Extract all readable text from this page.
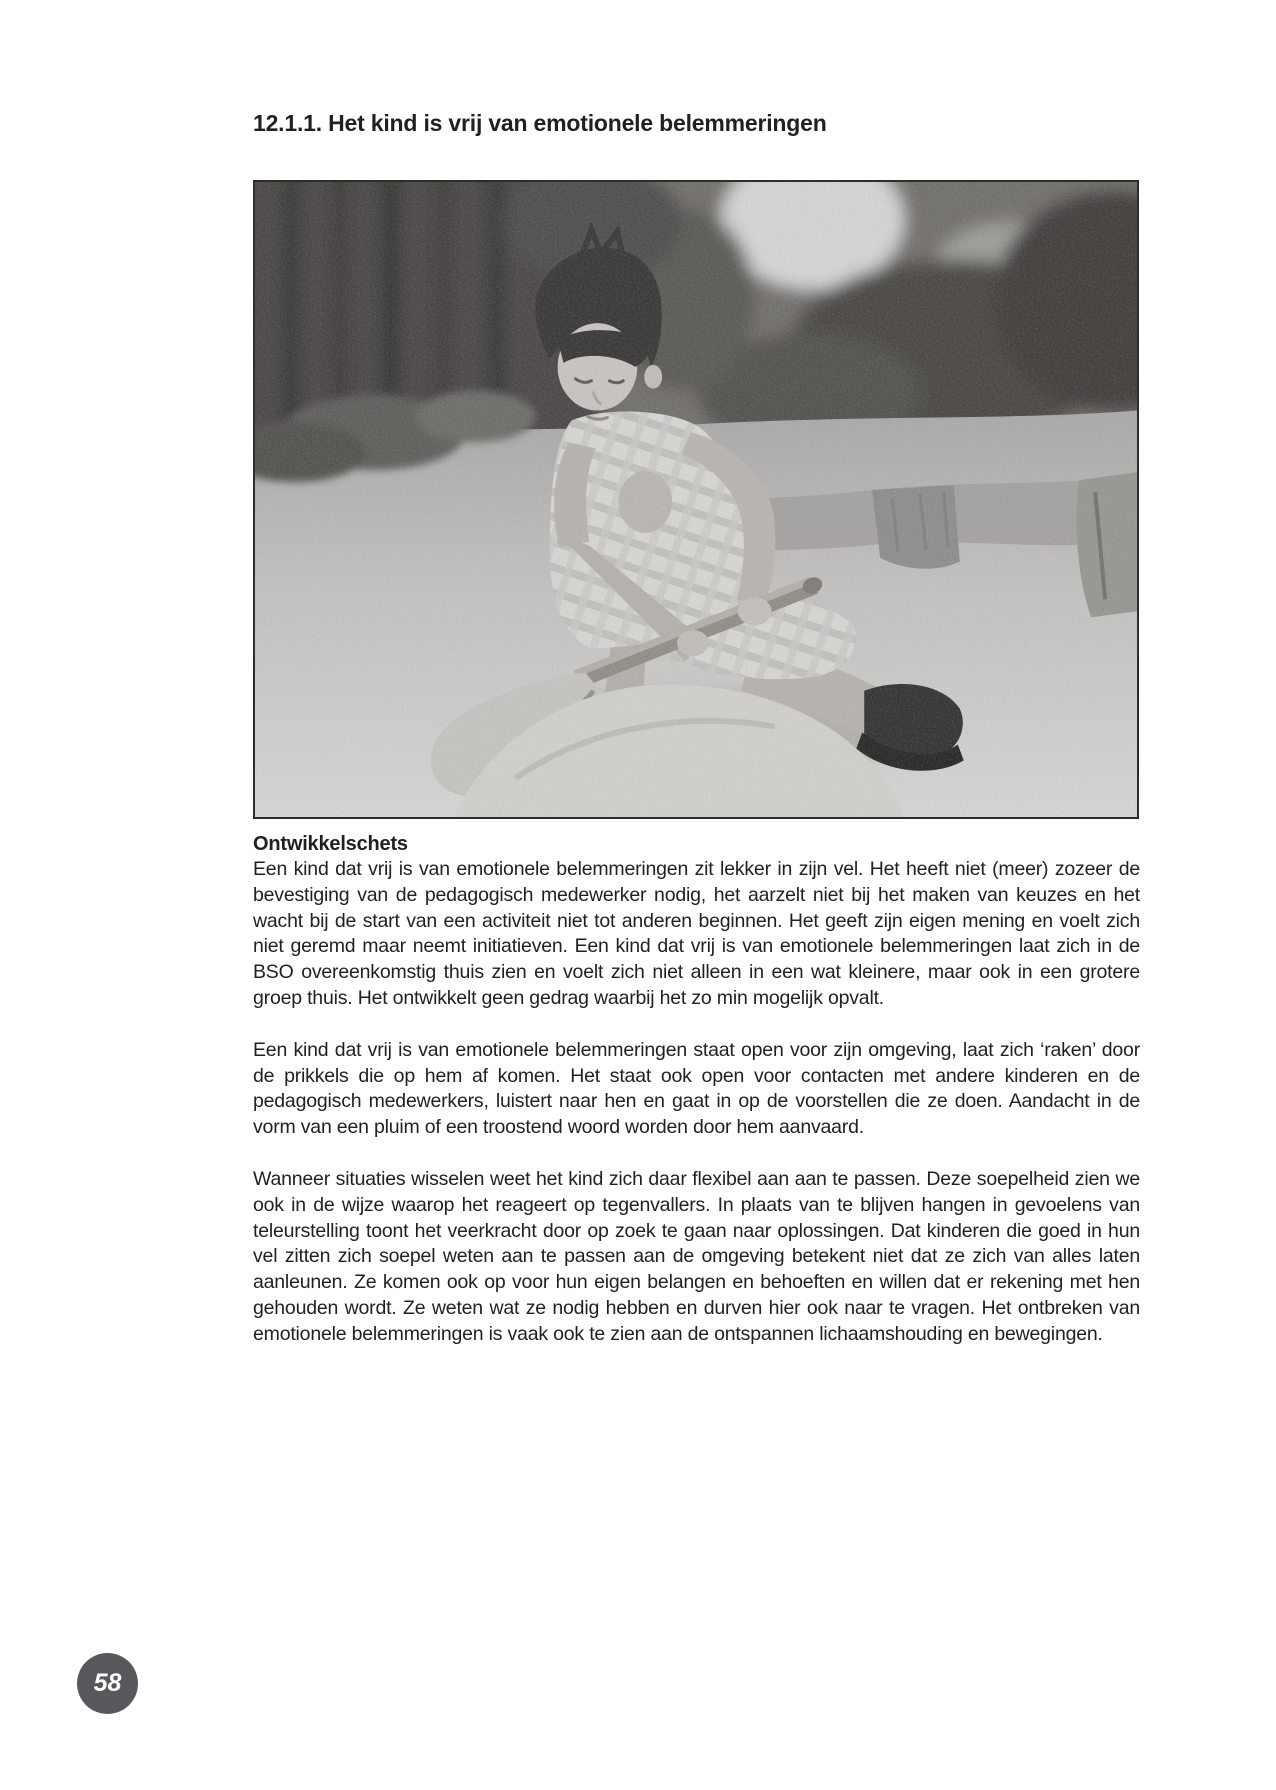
12.1.1. Het kind is vrij van emotionele belemmeringen
Ontwikkelschets

Een kind dat vrij is van emotionele belemmeringen zit lekker in zijn vel. Het heeft niet (meer) zozeer de bevestiging van de pedagogisch medewerker nodig, het aarzelt niet bij het maken van keuzes en het wacht bij de start van een activiteit niet tot anderen beginnen. Het geeft zijn eigen mening en voelt zich niet geremd maar neemt initiatieven. Een kind dat vrij is van emotionele belemmeringen laat zich in de BSO overeenkomstig thuis zien en voelt zich niet alleen in een wat kleinere, maar ook in een grotere groep thuis. Het ontwikkelt geen gedrag waarbij het zo min mogelijk opvalt.

Een kind dat vrij is van emotionele belemmeringen staat open voor zijn omgeving, laat zich ‘raken’ door de prikkels die op hem af komen. Het staat ook open voor contacten met andere kinderen en de pedagogisch medewerkers, luistert naar hen en gaat in op de voorstellen die ze doen. Aandacht in de vorm van een pluim of een troostend woord worden door hem aanvaard.

Wanneer situaties wisselen weet het kind zich daar flexibel aan aan te passen. Deze soepelheid zien we ook in de wijze waarop het reageert op tegenvallers. In plaats van te blijven hangen in gevoelens van teleurstelling toont het veerkracht door op zoek te gaan naar oplossingen. Dat kinderen die goed in hun vel zitten zich soepel weten aan te passen aan de omgeving betekent niet dat ze zich van alles laten aanleunen. Ze komen ook op voor hun eigen belangen en behoeften en willen dat er rekening met hen gehouden wordt. Ze weten wat ze nodig hebben en durven hier ook naar te vragen. Het ontbreken van emotionele belemmeringen is vaak ook te zien aan de ontspannen lichaamshouding en bewegingen.

58
